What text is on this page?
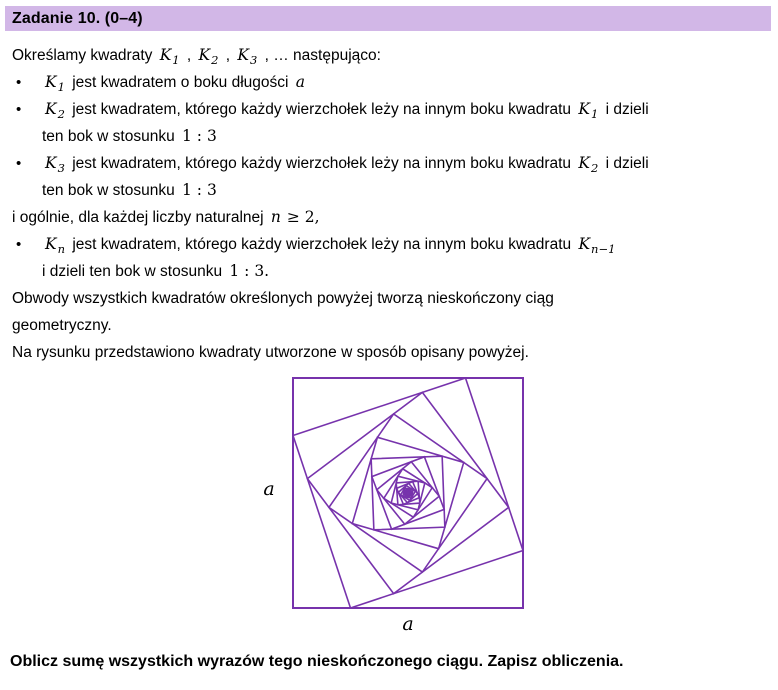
Zadanie 10. (0–4)
Określamy kwadraty $K_1$ , $K_2$ , $K_3$ , … następująco:
• $K_1$ jest kwadratem o boku długości a
• $K_2$ jest kwadratem, którego każdy wierzchołek leży na innym boku kwadratu $K_1$ i dzieli
ten bok w stosunku 1 : 3
• $K_3$ jest kwadratem, którego każdy wierzchołek leży na innym boku kwadratu $K_2$ i dzieli
ten bok w stosunku 1 : 3
i ogólnie, dla każdej liczby naturalnej n ≥ 2,
• $K_n$ jest kwadratem, którego każdy wierzchołek leży na innym boku kwadratu $K_{n-1}$
i dzieli ten bok w stosunku 1 : 3.
Obwody wszystkich kwadratów określonych powyżej tworzą nieskończony ciąg
geometryczny.
Na rysunku przedstawiono kwadraty utworzone w sposób opisany powyżej.
a
a
Oblicz sumę wszystkich wyrazów tego nieskończonego ciągu. Zapisz obliczenia.
